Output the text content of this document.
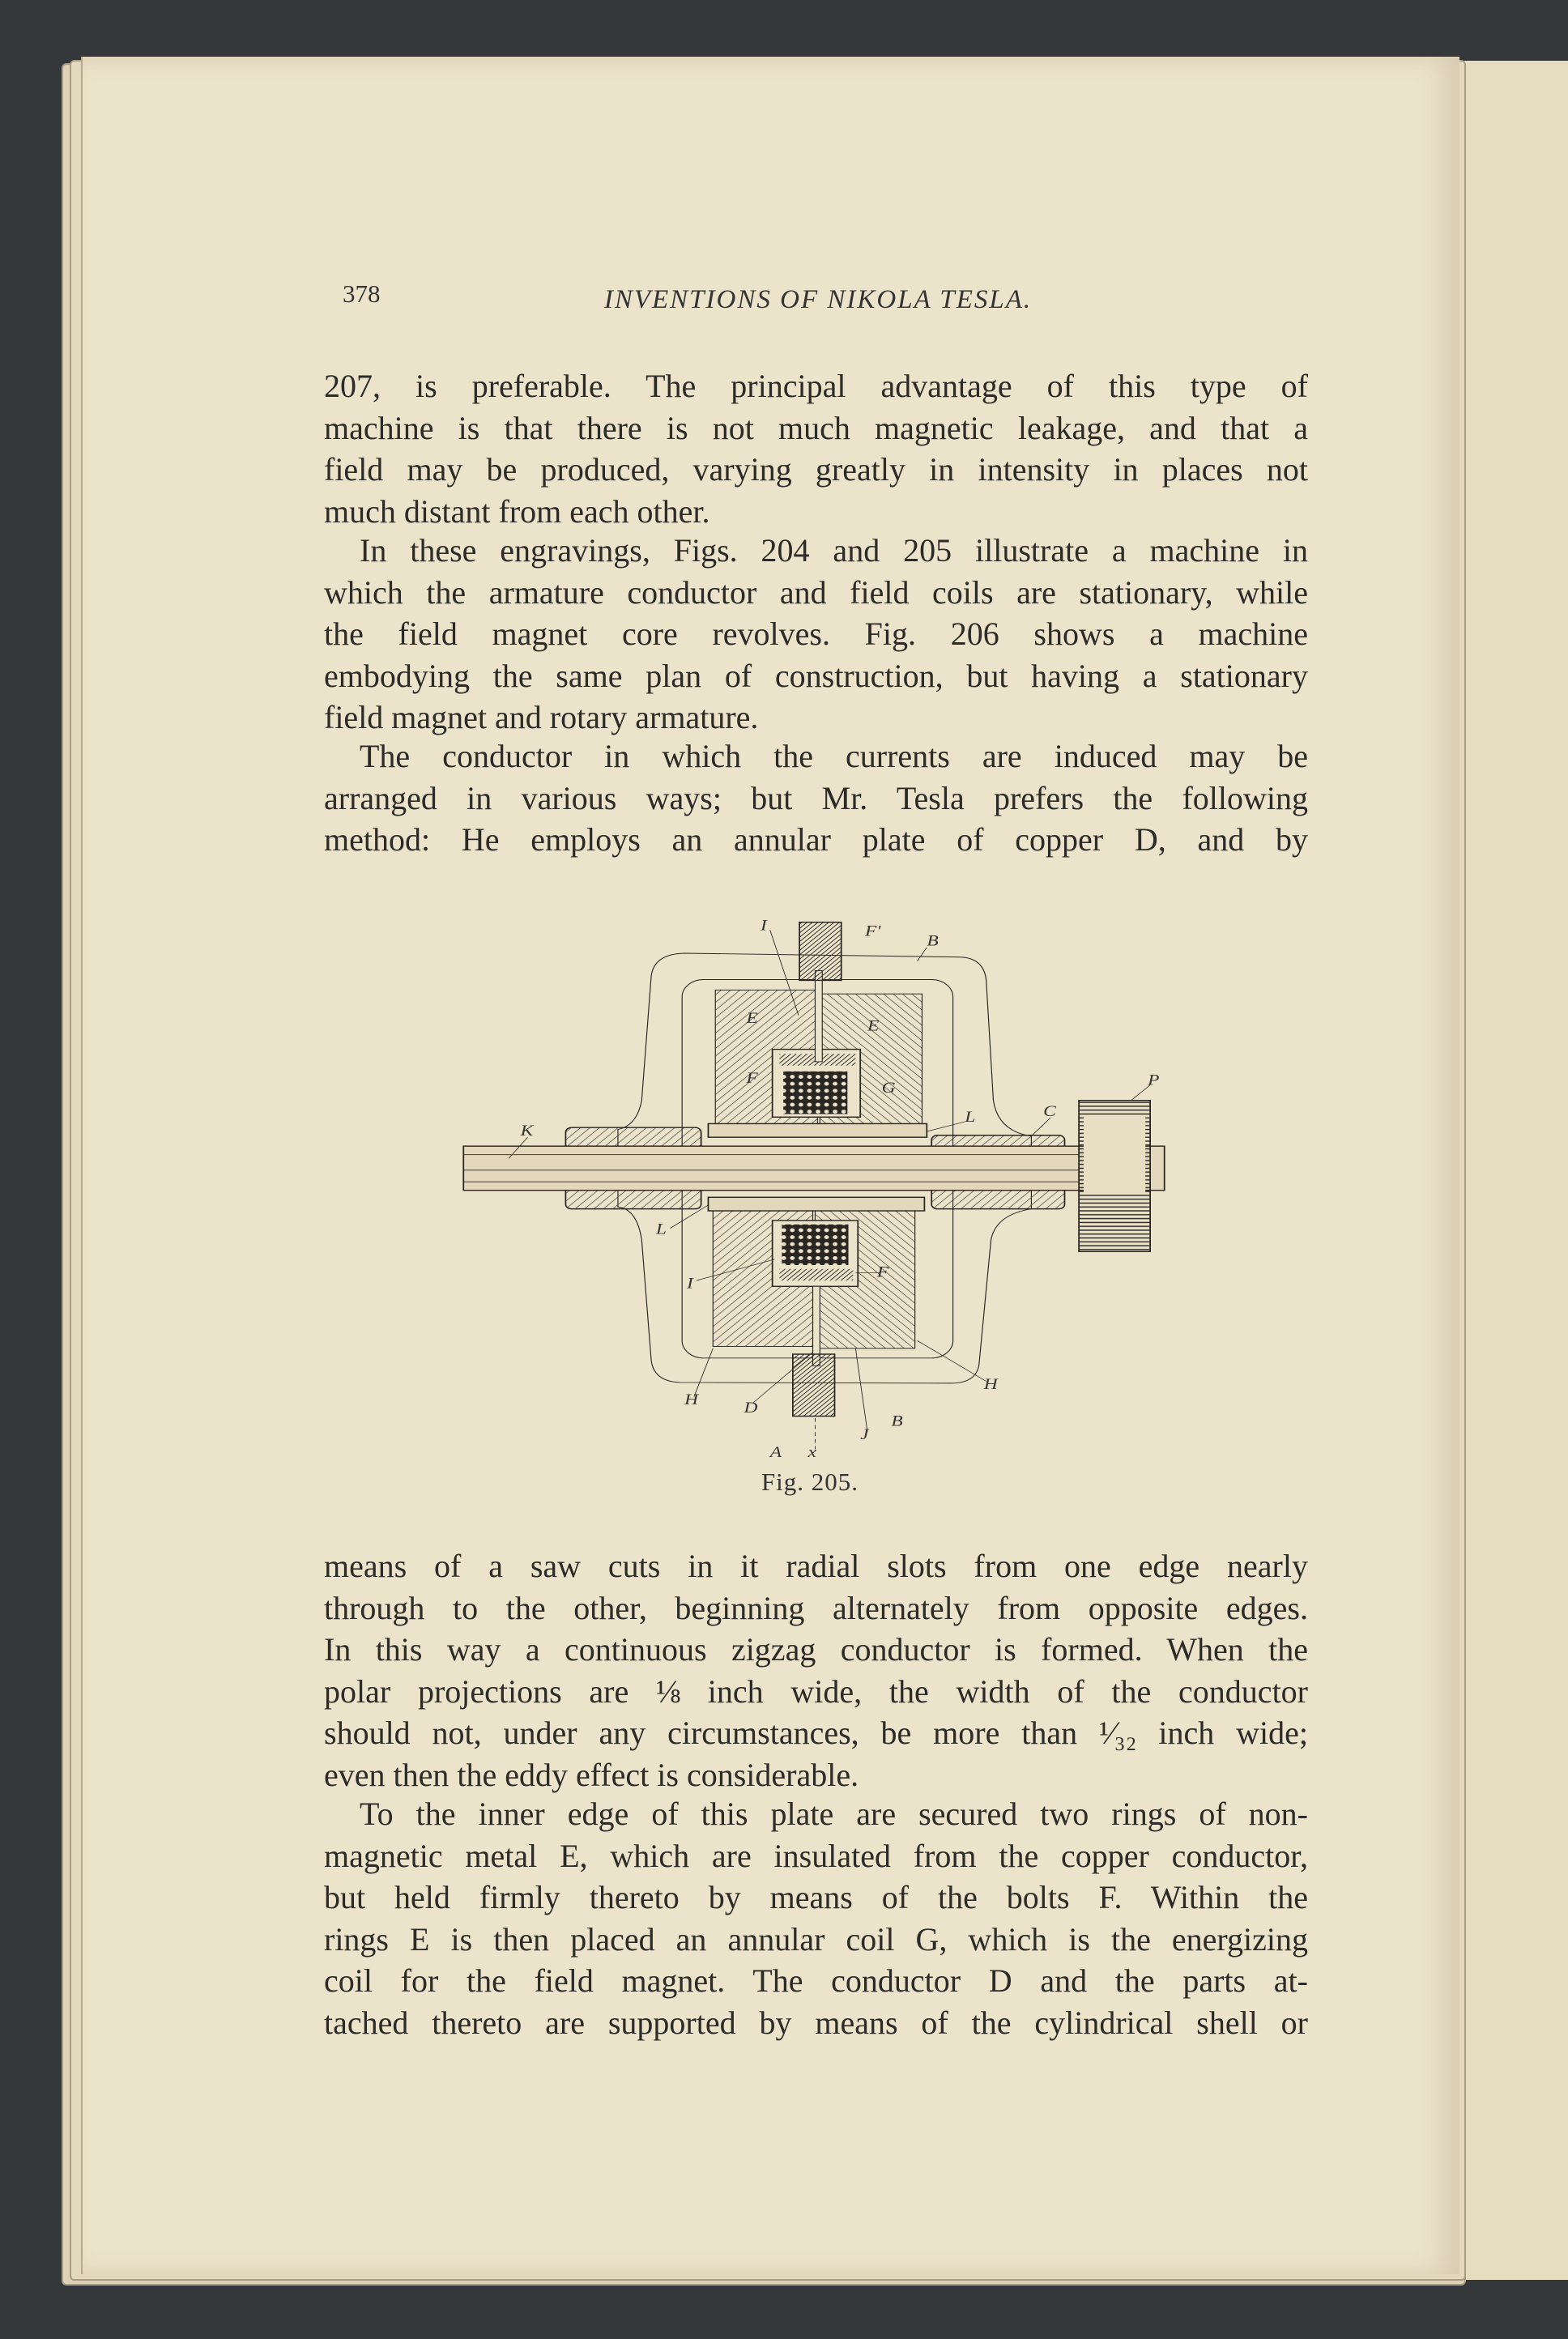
378	INVENTIONS OF NIKOLA TESLA.
207, is preferable. The principal advantage of this type of
machine is that there is not much magnetic leakage, and that a
field may be produced, varying greatly in intensity in places not
much distant from each other.
In these engravings, Figs. 204 and 205 illustrate a machine in
which the armature conductor and field coils are stationary, while
the field magnet core revolves. Fig. 206 shows a machine
embodying the same plan of construction, but having a stationary
field magnet and rotary armature.
The conductor in which the currents are induced may be
arranged in various ways; but Mr. Tesla prefers the following
method: He employs an annular plate of copper D, and by
I	F'
B
E	E
F
G	P
C
L
K
L
I
F
H D
J
B
H
A x
Fig. 205.
means of a saw cuts in it radial slots from one edge nearly
through to the other, beginning alternately from opposite edges.
In this way a continuous zigzag conductor is formed. When the
polar projections are ⅛ inch wide, the width of the conductor
should not, under any circumstances, be more than ¹⁄₃₂ inch wide;
even then the eddy effect is considerable.
To the inner edge of this plate are secured two rings of non-
magnetic metal E, which are insulated from the copper conductor,
but held firmly thereto by means of the bolts F. Within the
rings E is then placed an annular coil G, which is the energizing
coil for the field magnet. The conductor D and the parts at-
tached thereto are supported by means of the cylindrical shell or
